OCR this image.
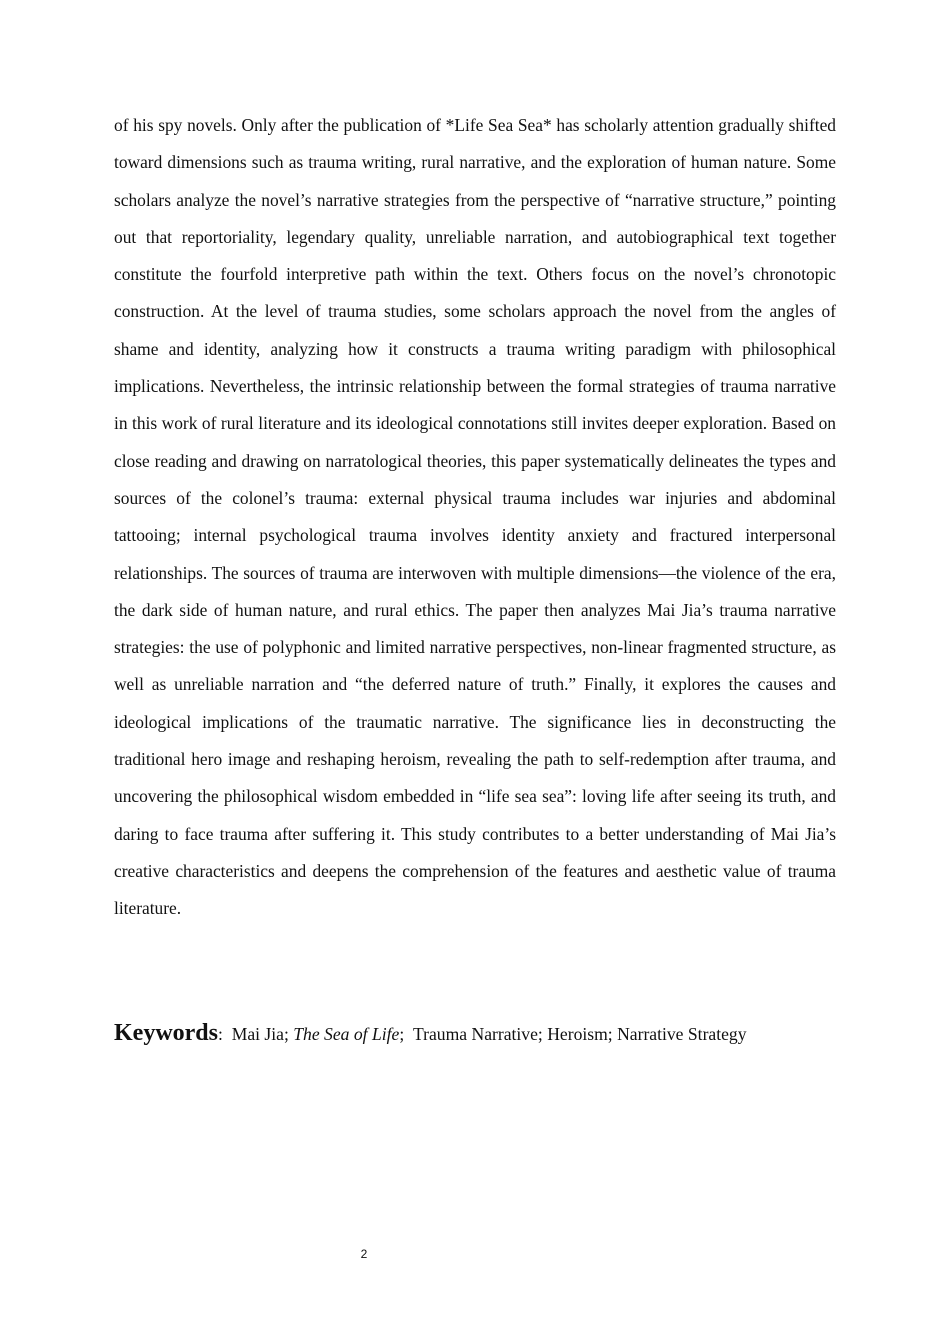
of his spy novels. Only after the publication of *Life Sea Sea* has scholarly attention gradually shifted toward dimensions such as trauma writing, rural narrative, and the exploration of human nature. Some scholars analyze the novel’s narrative strategies from the perspective of “narrative structure,” pointing out that reportoriality, legendary quality, unreliable narration, and autobiographical text together constitute the fourfold interpretive path within the text. Others focus on the novel’s chronotopic construction. At the level of trauma studies, some scholars approach the novel from the angles of shame and identity, analyzing how it constructs a trauma writing paradigm with philosophical implications. Nevertheless, the intrinsic relationship between the formal strategies of trauma narrative in this work of rural literature and its ideological connotations still invites deeper exploration. Based on close reading and drawing on narratological theories, this paper systematically delineates the types and sources of the colonel’s trauma: external physical trauma includes war injuries and abdominal tattooing; internal psychological trauma involves identity anxiety and fractured interpersonal relationships. The sources of trauma are interwoven with multiple dimensions—the violence of the era, the dark side of human nature, and rural ethics. The paper then analyzes Mai Jia’s trauma narrative strategies: the use of polyphonic and limited narrative perspectives, non-linear fragmented structure, as well as unreliable narration and “the deferred nature of truth.” Finally, it explores the causes and ideological implications of the traumatic narrative. The significance lies in deconstructing the traditional hero image and reshaping heroism, revealing the path to self-redemption after trauma, and uncovering the philosophical wisdom embedded in “life sea sea”: loving life after seeing its truth, and daring to face trauma after suffering it. This study contributes to a better understanding of Mai Jia’s creative characteristics and deepens the comprehension of the features and aesthetic value of trauma literature.

Keywords: Mai Jia; The Sea of Life; Trauma Narrative; Heroism; Narrative Strategy

2
